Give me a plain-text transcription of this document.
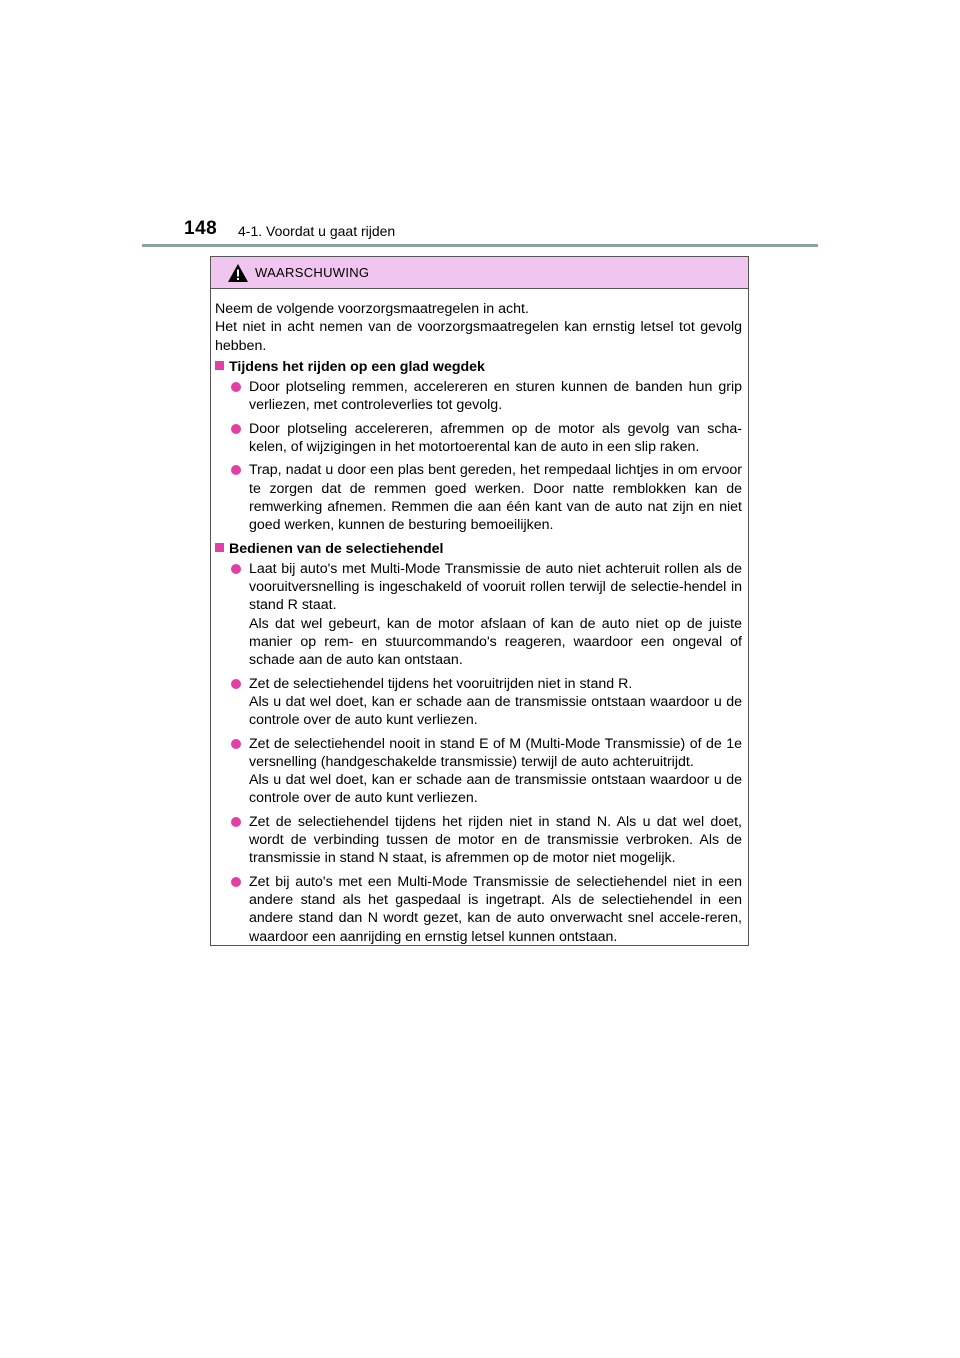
148 4-1. Voordat u gaat rijden
WAARSCHUWING
Neem de volgende voorzorgsmaatregelen in acht.
Het niet in acht nemen van de voorzorgsmaatregelen kan ernstig letsel tot gevolg hebben.
Tijdens het rijden op een glad wegdek

Door plotseling remmen, accelereren en sturen kunnen de banden hun grip verliezen, met controleverlies tot gevolg.

Door plotseling accelereren, afremmen op de motor als gevolg van scha-kelen, of wijzigingen in het motortoerental kan de auto in een slip raken.

Trap, nadat u door een plas bent gereden, het rempedaal lichtjes in om ervoor te zorgen dat de remmen goed werken. Door natte remblokken kan de remwerking afnemen. Remmen die aan één kant van de auto nat zijn en niet goed werken, kunnen de besturing bemoeilijken.

Bedienen van de selectiehendel

Laat bij auto's met Multi-Mode Transmissie de auto niet achteruit rollen als de vooruitversnelling is ingeschakeld of vooruit rollen terwijl de selectie-hendel in stand R staat.

Als dat wel gebeurt, kan de motor afslaan of kan de auto niet op de juiste manier op rem- en stuurcommando's reageren, waardoor een ongeval of schade aan de auto kan ontstaan.

Zet de selectiehendel tijdens het vooruitrijden niet in stand R.

Als u dat wel doet, kan er schade aan de transmissie ontstaan waardoor u de controle over de auto kunt verliezen.

Zet de selectiehendel nooit in stand E of M (Multi-Mode Transmissie) of de 1e versnelling (handgeschakelde transmissie) terwijl de auto achteruitrijdt.

Als u dat wel doet, kan er schade aan de transmissie ontstaan waardoor u de controle over de auto kunt verliezen.

Zet de selectiehendel tijdens het rijden niet in stand N. Als u dat wel doet, wordt de verbinding tussen de motor en de transmissie verbroken. Als de transmissie in stand N staat, is afremmen op de motor niet mogelijk.

Zet bij auto's met een Multi-Mode Transmissie de selectiehendel niet in een andere stand als het gaspedaal is ingetrapt. Als de selectiehendel in een andere stand dan N wordt gezet, kan de auto onverwacht snel accele-reren, waardoor een aanrijding en ernstig letsel kunnen ontstaan.
